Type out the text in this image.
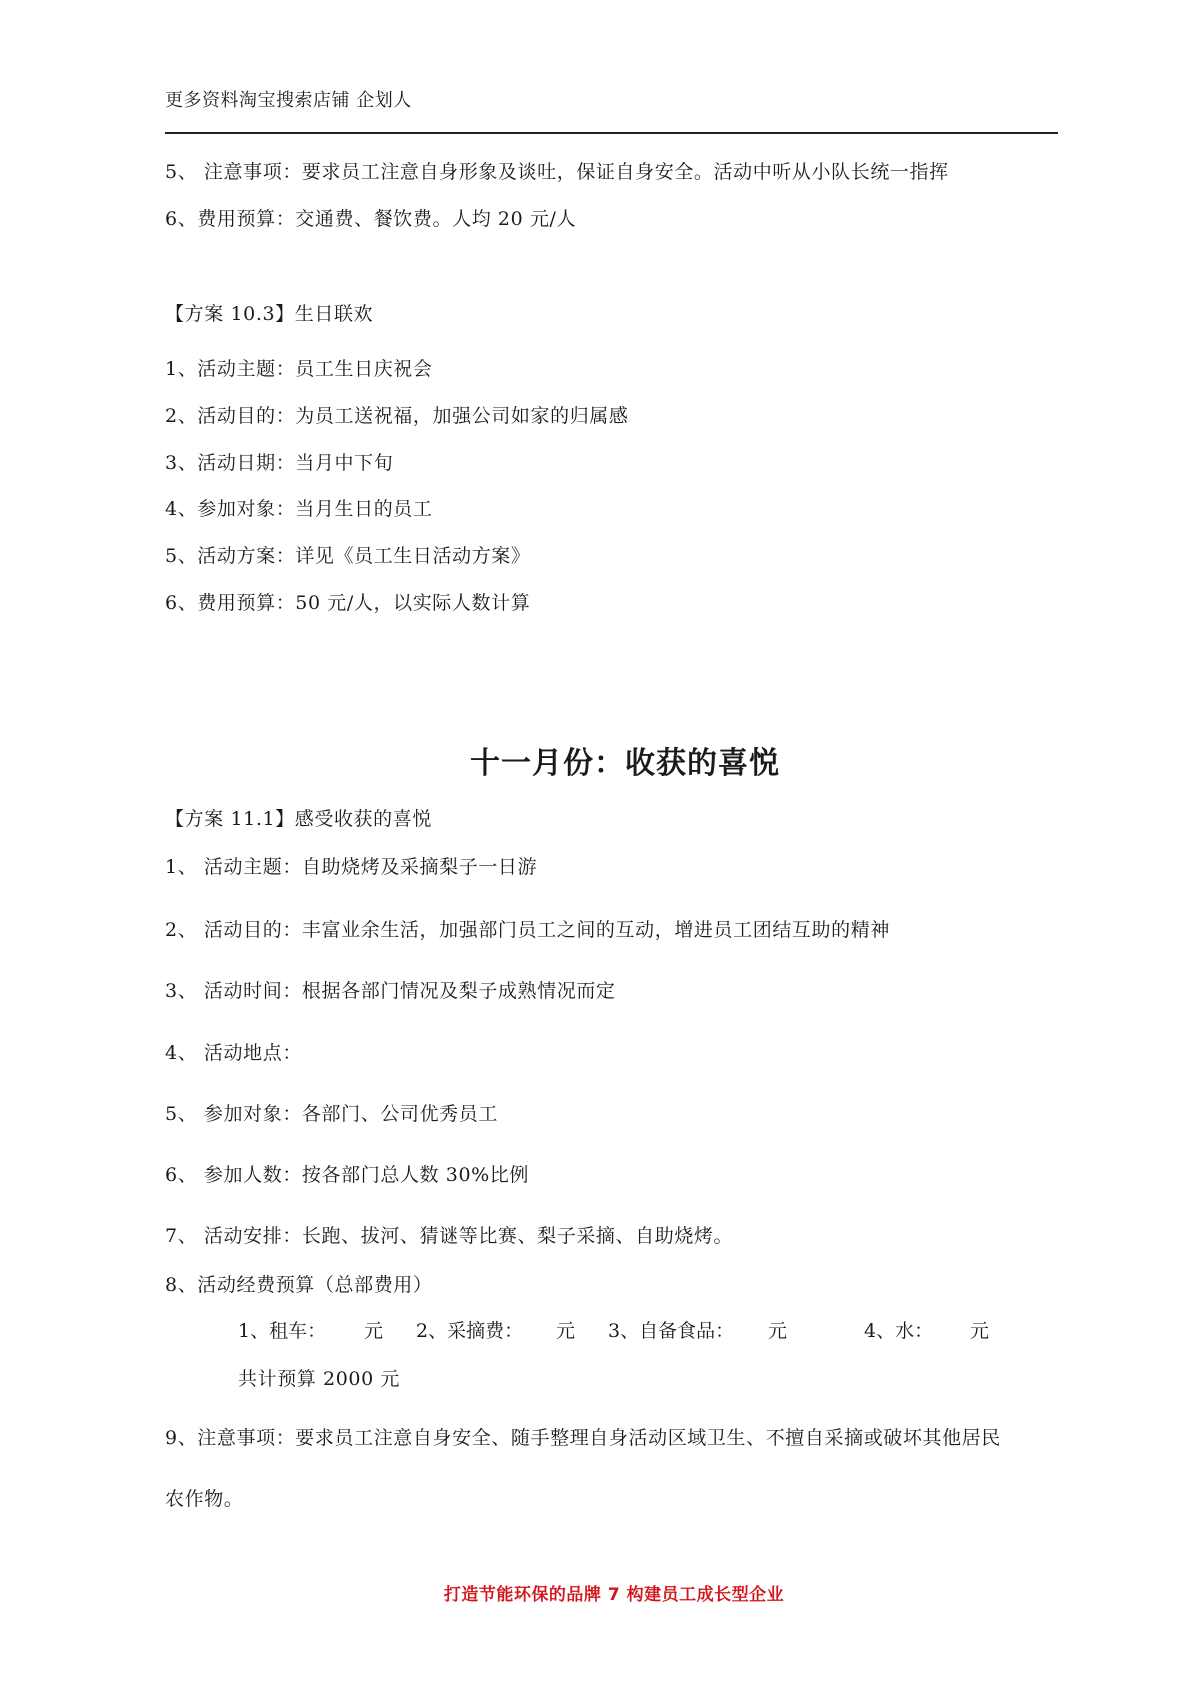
更多资料淘宝搜索店铺 企划人
5、 注意事项：要求员工注意自身形象及谈吐，保证自身安全。活动中听从小队长统一指挥
6、费用预算：交通费、餐饮费。人均 20 元/人
【方案 10.3】生日联欢
1、活动主题：员工生日庆祝会
2、活动目的：为员工送祝福，加强公司如家的归属感
3、活动日期：当月中下旬
4、参加对象：当月生日的员工
5、活动方案：详见《员工生日活动方案》
6、费用预算：50 元/人，以实际人数计算
十一月份：收获的喜悦
【方案 11.1】感受收获的喜悦
1、 活动主题：自助烧烤及采摘梨子一日游
2、 活动目的：丰富业余生活，加强部门员工之间的互动，增进员工团结互助的精神
3、 活动时间：根据各部门情况及梨子成熟情况而定
4、 活动地点：
5、 参加对象：各部门、公司优秀员工
6、 参加人数：按各部门总人数 30%比例
7、 活动安排：长跑、拔河、猜谜等比赛、梨子采摘、自助烧烤。
8、活动经费预算（总部费用）
1、租车： 元 2、采摘费： 元 3、自备食品： 元	4、水： 元
共计预算 2000 元
9、注意事项：要求员工注意自身安全、随手整理自身活动区域卫生、不擅自采摘或破坏其他居民
农作物。
打造节能环保的品牌 7 构建员工成长型企业
